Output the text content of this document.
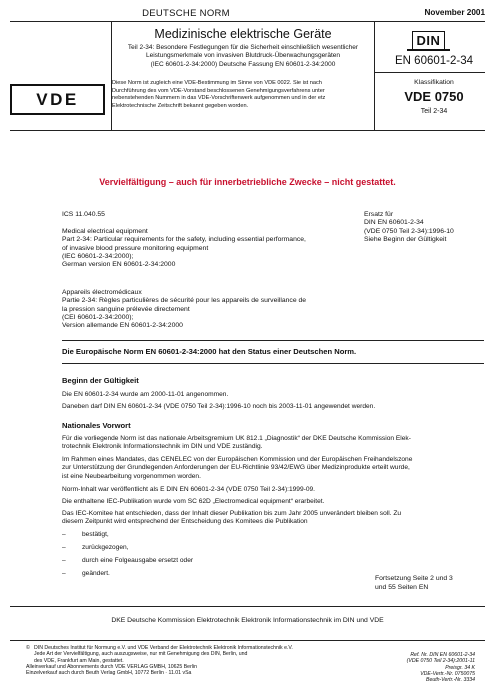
DEUTSCHE NORM	November 2001
Medizinische elektrische Geräte
Teil 2-34: Besondere Festlegungen für die Sicherheit einschließlich wesentlicher
Leistungsmerkmale von invasiven Blutdruck-Überwachungsgeräten
(IEC 60601-2-34:2000) Deutsche Fassung EN 60601-2-34:2000
DIN
EN 60601-2-34
VDE
Diese Norm ist zugleich eine VDE-Bestimmung im Sinne von VDE 0022. Sie ist nach
Durchführung des vom VDE-Vorstand beschlossenen Genehmigungsverfahrens unter
nebenstehenden Nummern in das VDE-Vorschriftenwerk aufgenommen und in der etz
Elektrotechnische Zeitschrift bekannt gegeben worden.
Klassifikation
VDE 0750
Teil 2-34
Vervielfältigung – auch für innerbetriebliche Zwecke – nicht gestattet.
ICS 11.040.55
Medical electrical equipment
Part 2-34: Particular requirements for the safety, including essential performance,
of invasive blood pressure monitoring equipment
(IEC 60601-2-34:2000);
German version EN 60601-2-34:2000
Appareils électromédicaux
Partie 2-34: Règles particulières de sécurité pour les appareils de surveillance de
la pression sanguine prélevée directement
(CEI 60601-2-34:2000);
Version allemande EN 60601-2-34:2000
Ersatz für
DIN EN 60601-2-34
(VDE 0750 Teil 2-34):1996-10
Siehe Beginn der Gültigkeit
Die Europäische Norm EN 60601-2-34:2000 hat den Status einer Deutschen Norm.
Beginn der Gültigkeit
Die EN 60601-2-34 wurde am 2000-11-01 angenommen.
Daneben darf DIN EN 60601-2-34 (VDE 0750 Teil 2-34):1996-10 noch bis 2003-11-01 angewendet werden.
Nationales Vorwort
Für die vorliegende Norm ist das nationale Arbeitsgremium UK 812.1 „Diagnostik“ der DKE Deutsche Kommission Elek-
trotechnik Elektronik Informationstechnik im DIN und VDE zuständig.
Im Rahmen eines Mandates, das CENELEC von der Europäischen Kommission und der Europäischen Freihandelszone
zur Unterstützung der Grundlegenden Anforderungen der EU-Richtlinie 93/42/EWG über Medizinprodukte erteilt wurde,
ist eine Neubearbeitung vorgenommen worden.
Norm-Inhalt war veröffentlicht als E DIN EN 60601-2-34 (VDE 0750 Teil 2-34):1999-09.
Die enthaltene IEC-Publikation wurde vom SC 62D „Electromedical equipment“ erarbeitet.
Das IEC-Komitee hat entschieden, dass der Inhalt dieser Publikation bis zum Jahr 2005 unverändert bleiben soll. Zu
diesem Zeitpunkt wird entsprechend der Entscheidung des Komitees die Publikation
– bestätigt,
– zurückgezogen,
– durch eine Folgeausgabe ersetzt oder
– geändert.
Fortsetzung Seite 2 und 3
und 55 Seiten EN
DKE Deutsche Kommission Elektrotechnik Elektronik Informationstechnik im DIN und VDE
© DIN Deutsches Institut für Normung e.V. und VDE Verband der Elektrotechnik Elektronik Informationstechnik e.V.
Jede Art der Vervielfältigung, auch auszugsweise, nur mit Genehmigung des DIN, Berlin, und
des VDE, Frankfurt am Main, gestattet.
Alleinverkauf und Abonnements durch VDE VERLAG GMBH, 10625 Berlin
Einzelverkauf auch durch Beuth Verlag GmbH, 10772 Berlin · 11.01 vSa
Ref. Nr. DIN EN 60601-2-34
(VDE 0750 Teil 2-34):2001-11
Preisgr. 34 K
VDE-Vertr.-Nr. 0750075
Beuth-Vertr.-Nr. 3334
